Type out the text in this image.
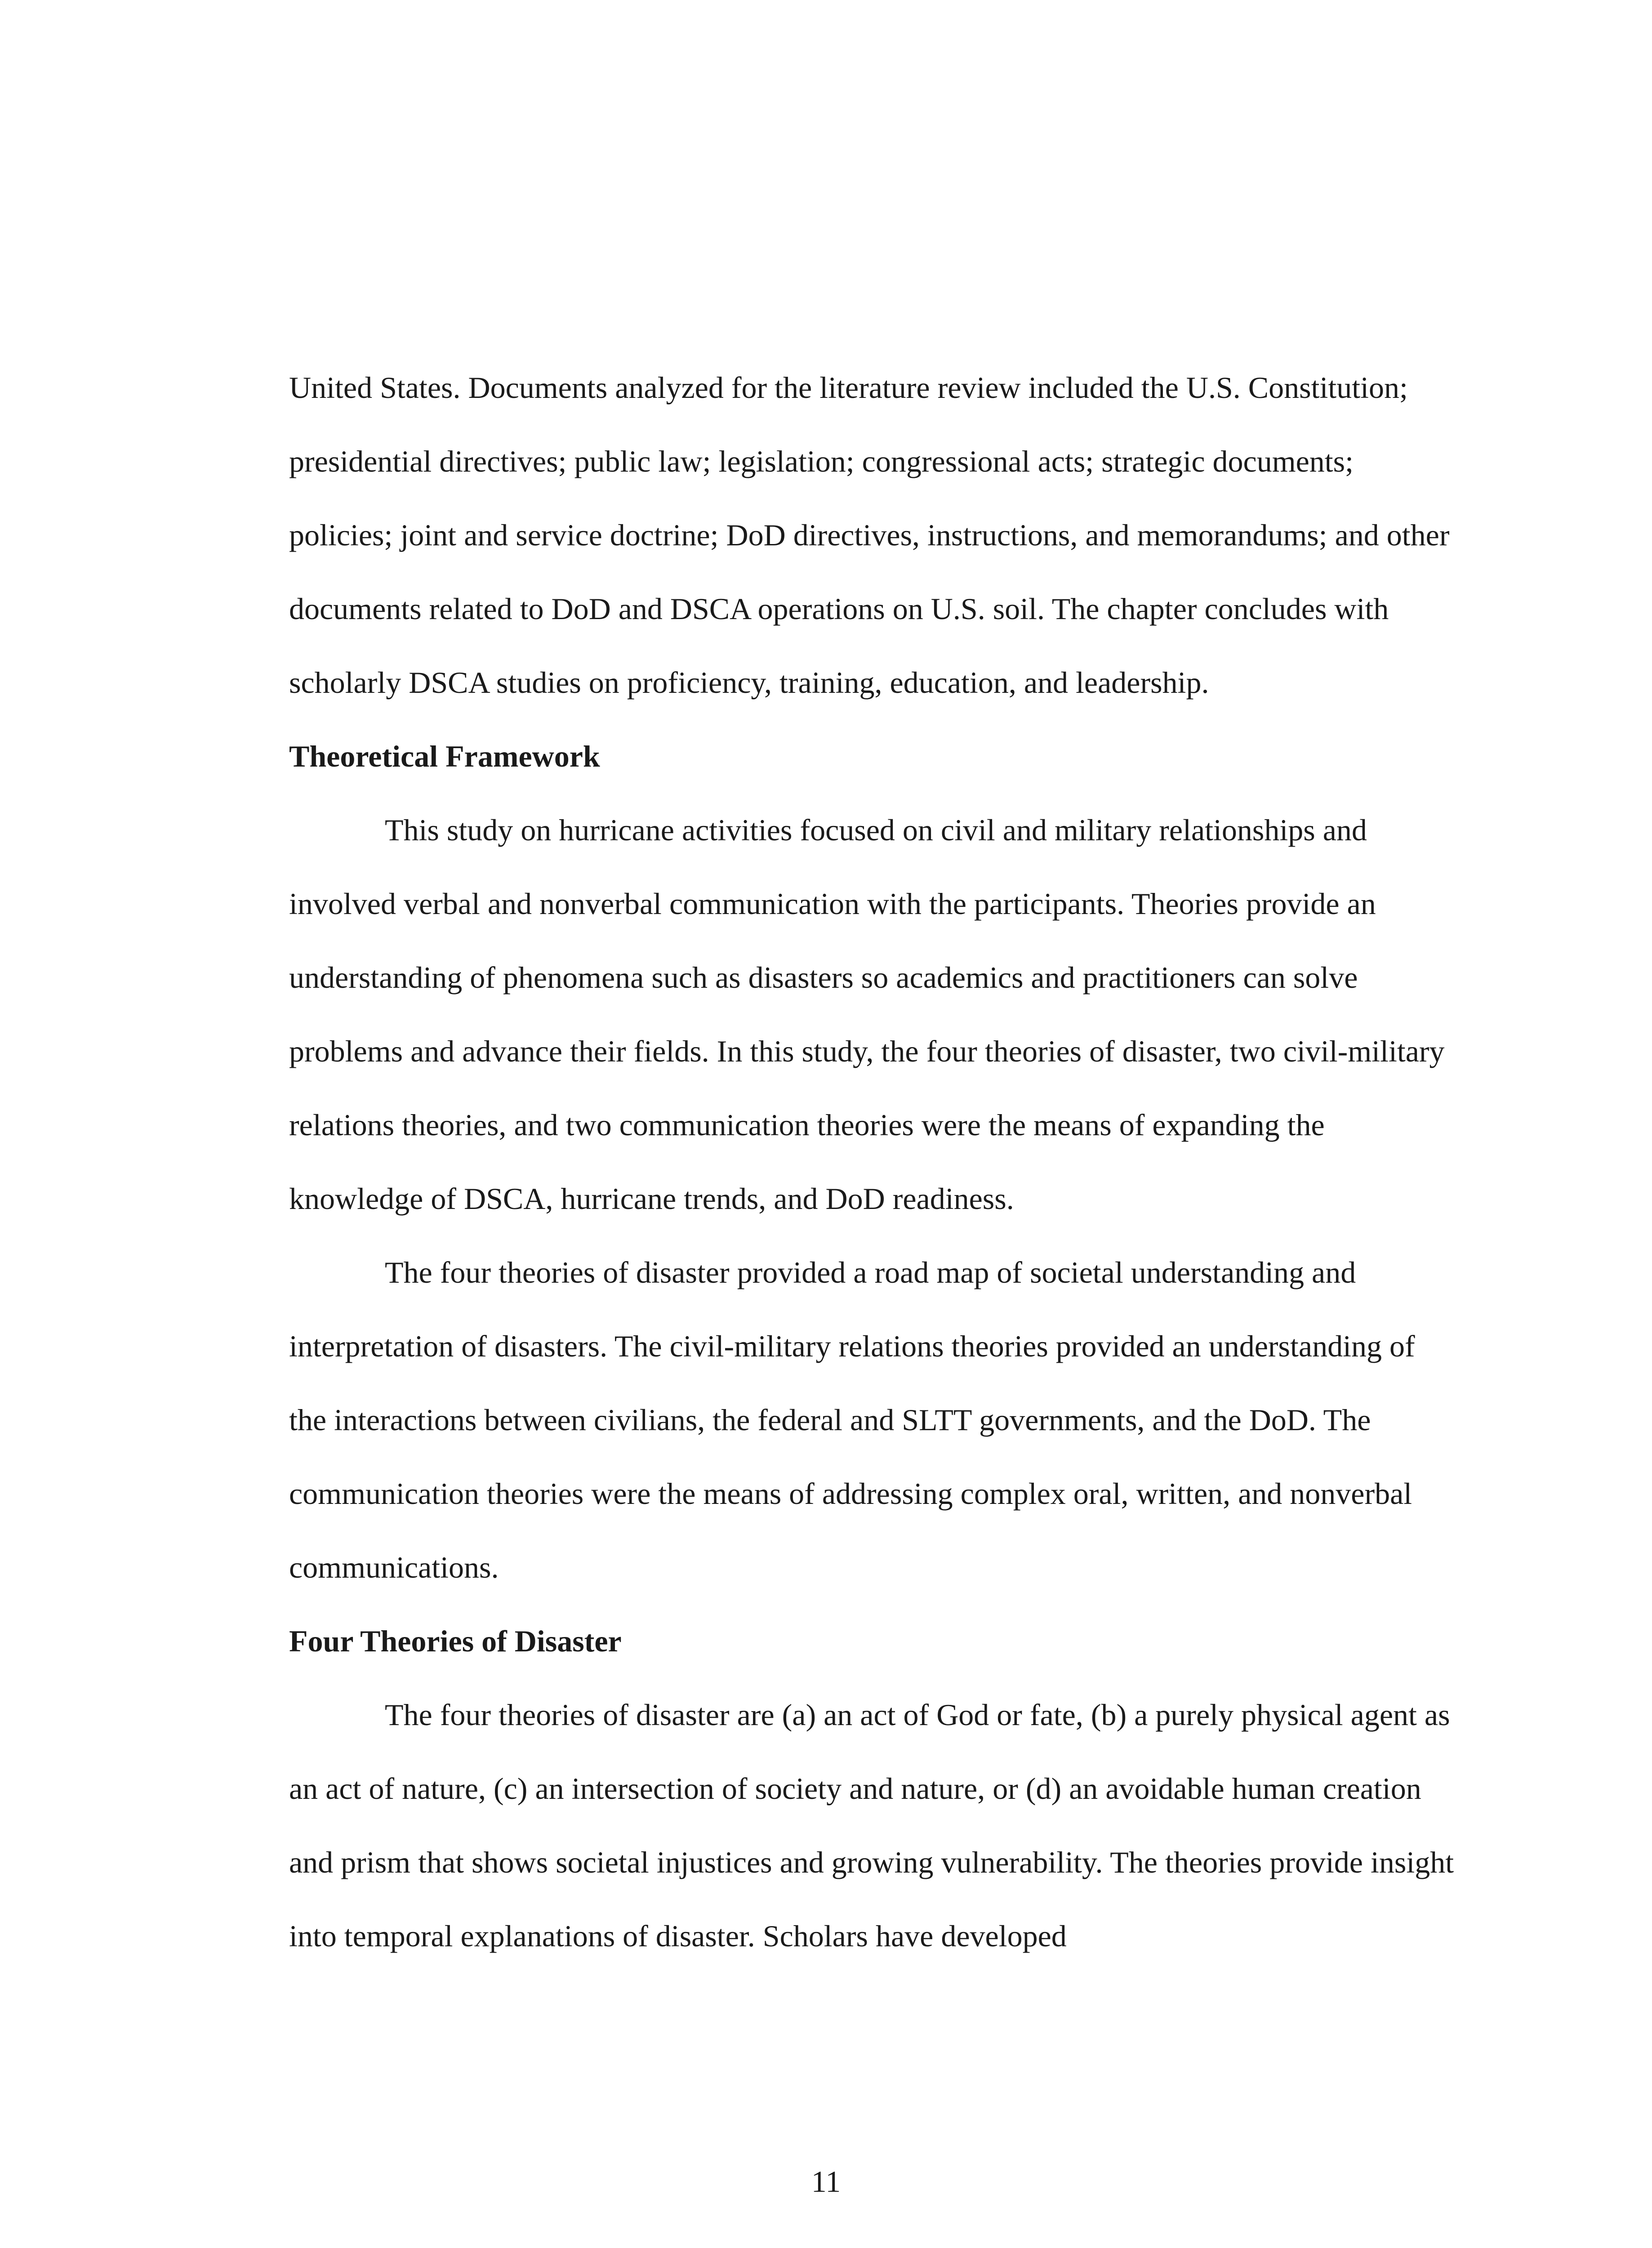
United States. Documents analyzed for the literature review included the U.S. Constitution; presidential directives; public law; legislation; congressional acts; strategic documents; policies; joint and service doctrine; DoD directives, instructions, and memorandums; and other documents related to DoD and DSCA operations on U.S. soil. The chapter concludes with scholarly DSCA studies on proficiency, training, education, and leadership.

Theoretical Framework

This study on hurricane activities focused on civil and military relationships and involved verbal and nonverbal communication with the participants. Theories provide an understanding of phenomena such as disasters so academics and practitioners can solve problems and advance their fields. In this study, the four theories of disaster, two civil-military relations theories, and two communication theories were the means of expanding the knowledge of DSCA, hurricane trends, and DoD readiness.

The four theories of disaster provided a road map of societal understanding and interpretation of disasters. The civil-military relations theories provided an understanding of the interactions between civilians, the federal and SLTT governments, and the DoD. The communication theories were the means of addressing complex oral, written, and nonverbal communications.

Four Theories of Disaster

The four theories of disaster are (a) an act of God or fate, (b) a purely physical agent as an act of nature, (c) an intersection of society and nature, or (d) an avoidable human creation and prism that shows societal injustices and growing vulnerability. The theories provide insight into temporal explanations of disaster. Scholars have developed

11
